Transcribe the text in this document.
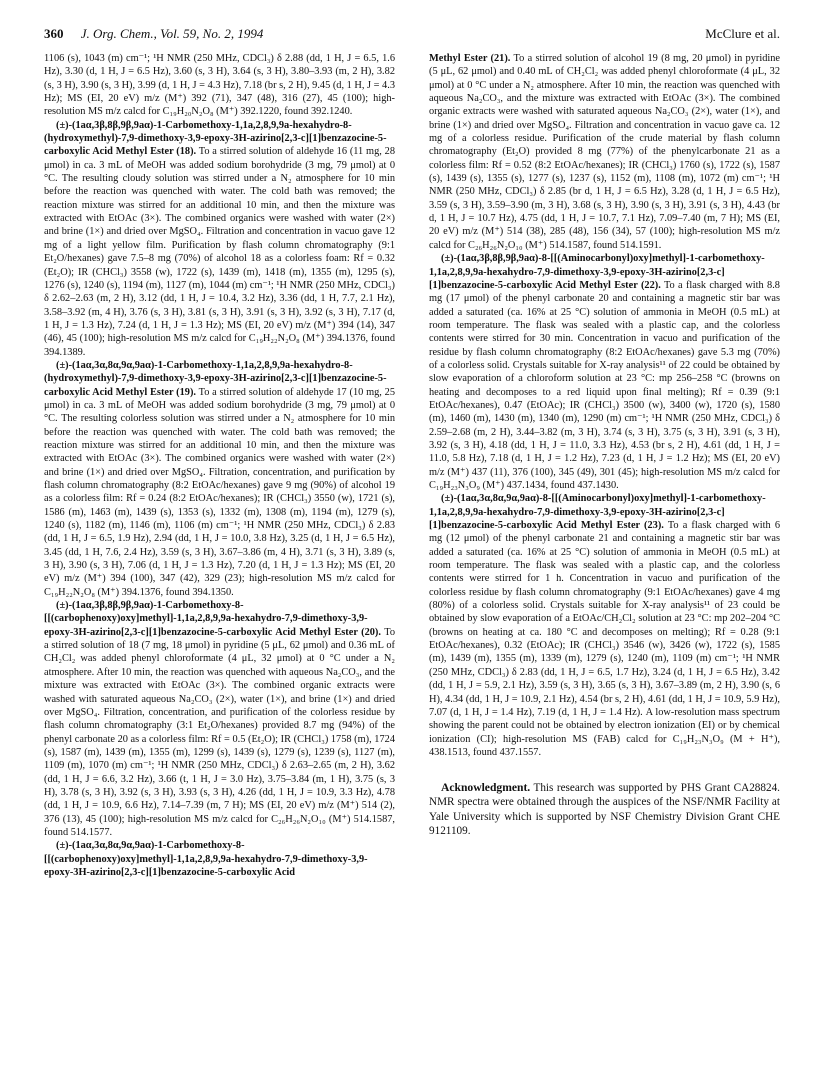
360 J. Org. Chem., Vol. 59, No. 2, 1994	McClure et al.

1106 (s), 1043 (m) cm⁻¹; ¹H NMR (250 MHz, CDCl₃) δ 2.88 (dd, 1 H, J = 6.5, 1.6 Hz), 3.30 (d, 1 H, J = 6.5 Hz), 3.60 (s, 3 H), 3.64 (s, 3 H), 3.80–3.93 (m, 2 H), 3.82 (s, 3 H), 3.90 (s, 3 H), 3.99 (d, 1 H, J = 4.3 Hz), 7.18 (br s, 2 H), 9.45 (d, 1 H, J = 4.3 Hz); MS (EI, 20 eV) m/z (M⁺) 392 (71), 347 (48), 316 (27), 45 (100); high-resolution MS m/z calcd for C₁₉H₂₀N₂O₈ (M⁺) 392.1220, found 392.1240.

(±)-(1aα,3β,8β,9β,9aα)-1-Carbomethoxy-1,1a,2,8,9,9a-hexahydro-8-(hydroxymethyl)-7,9-dimethoxy-3,9-epoxy-3H-azirino[2,3-c][1]benzazocine-5-carboxylic Acid Methyl Ester (18). To a stirred solution of aldehyde 16 (11 mg, 28 μmol) in ca. 3 mL of MeOH was added sodium borohydride (3 mg, 79 μmol) at 0 °C. The resulting cloudy solution was stirred under a N₂ atmosphere for 10 min before the reaction was quenched with water. The cold bath was removed; the reaction mixture was stirred for an additional 10 min, and then the mixture was extracted with EtOAc (3×). The combined organics were washed with water (2×) and brine (1×) and dried over MgSO₄. Filtration and concentration in vacuo gave 12 mg of a light yellow film. Purification by flash column chromatography (9:1 Et₂O/hexanes) gave 7.5–8 mg (70%) of alcohol 18 as a colorless foam: Rf = 0.32 (Et₂O); IR (CHCl₃) 3558 (w), 1722 (s), 1439 (m), 1418 (m), 1355 (m), 1295 (s), 1276 (s), 1240 (s), 1194 (m), 1127 (m), 1044 (m) cm⁻¹; ¹H NMR (250 MHz, CDCl₃) δ 2.62–2.63 (m, 2 H), 3.12 (dd, 1 H, J = 10.4, 3.2 Hz), 3.36 (dd, 1 H, 7.7, 2.1 Hz), 3.58–3.92 (m, 4 H), 3.76 (s, 3 H), 3.81 (s, 3 H), 3.91 (s, 3 H), 3.92 (s, 3 H), 7.17 (d, 1 H, J = 1.3 Hz), 7.24 (d, 1 H, J = 1.3 Hz); MS (EI, 20 eV) m/z (M⁺) 394 (14), 347 (46), 45 (100); high-resolution MS m/z calcd for C₁₉H₂₂N₂O₈ (M⁺) 394.1376, found 394.1389.

(±)-(1aα,3α,8α,9α,9aα)-1-Carbomethoxy-1,1a,2,8,9,9a-hexahydro-8-(hydroxymethyl)-7,9-dimethoxy-3,9-epoxy-3H-azirino[2,3-c][1]benzazocine-5-carboxylic Acid Methyl Ester (19). To a stirred solution of aldehyde 17 (10 mg, 25 μmol) in ca. 3 mL of MeOH was added sodium borohydride (3 mg, 79 μmol) at 0 °C. The resulting colorless solution was stirred under a N₂ atmosphere for 10 min before the reaction was quenched with water. The cold bath was removed; the reaction mixture was stirred for an additional 10 min, and then the mixture was extracted with EtOAc (3×). The combined organics were washed with water (2×) and brine (1×) and dried over MgSO₄. Filtration, concentration, and purification by flash column chromatography (8:2 EtOAc/hexanes) gave 9 mg (90%) of alcohol 19 as a colorless film: Rf = 0.24 (8:2 EtOAc/hexanes); IR (CHCl₃) 3550 (w), 1721 (s), 1586 (m), 1463 (m), 1439 (s), 1353 (s), 1332 (m), 1308 (m), 1194 (m), 1279 (s), 1240 (s), 1182 (m), 1146 (m), 1106 (m) cm⁻¹; ¹H NMR (250 MHz, CDCl₃) δ 2.83 (dd, 1 H, J = 6.5, 1.9 Hz), 2.94 (dd, 1 H, J = 10.0, 3.8 Hz), 3.25 (d, 1 H, J = 6.5 Hz), 3.45 (dd, 1 H, 7.6, 2.4 Hz), 3.59 (s, 3 H), 3.67–3.86 (m, 4 H), 3.71 (s, 3 H), 3.89 (s, 3 H), 3.90 (s, 3 H), 7.06 (d, 1 H, J = 1.3 Hz), 7.20 (d, 1 H, J = 1.3 Hz); MS (EI, 20 eV) m/z (M⁺) 394 (100), 347 (42), 329 (23); high-resolution MS m/z calcd for C₁₉H₂₂N₂O₈ (M⁺) 394.1376, found 394.1350.

(±)-(1aα,3β,8β,9β,9aα)-1-Carbomethoxy-8-[[(carbophenoxy)oxy]methyl]-1,1a,2,8,9,9a-hexahydro-7,9-dimethoxy-3,9-epoxy-3H-azirino[2,3-c][1]benzazocine-5-carboxylic Acid Methyl Ester (20). To a stirred solution of 18 (7 mg, 18 μmol) in pyridine (5 μL, 62 μmol) and 0.36 mL of CH₂Cl₂ was added phenyl chloroformate (4 μL, 32 μmol) at 0 °C under a N₂ atmosphere. After 10 min, the reaction was quenched with aqueous Na₂CO₃, and the mixture was extracted with EtOAc (3×). The combined organic extracts were washed with saturated aqueous Na₂CO₃ (2×), water (1×), and brine (1×) and dried over MgSO₄. Filtration, concentration, and purification of the colorless residue by flash column chromatography (3:1 Et₂O/hexanes) provided 8.7 mg (94%) of the phenyl carbonate 20 as a colorless film: Rf = 0.5 (Et₂O); IR (CHCl₃) 1758 (m), 1724 (s), 1587 (m), 1439 (m), 1355 (m), 1299 (s), 1439 (s), 1279 (s), 1239 (s), 1127 (m), 1109 (m), 1070 (m) cm⁻¹; ¹H NMR (250 MHz, CDCl₃) δ 2.63–2.65 (m, 2 H), 3.62 (dd, 1 H, J = 6.6, 3.2 Hz), 3.66 (t, 1 H, J = 3.0 Hz), 3.75–3.84 (m, 1 H), 3.75 (s, 3 H), 3.78 (s, 3 H), 3.92 (s, 3 H), 3.93 (s, 3 H), 4.26 (dd, 1 H, J = 10.9, 3.3 Hz), 4.78 (dd, 1 H, J = 10.9, 6.6 Hz), 7.14–7.39 (m, 7 H); MS (EI, 20 eV) m/z (M⁺) 514 (2), 376 (13), 45 (100); high-resolution MS m/z calcd for C₂₆H₂₆N₂O₁₀ (M⁺) 514.1587, found 514.1577.

(±)-(1aα,3α,8α,9α,9aα)-1-Carbomethoxy-8-[[(carbophenoxy)oxy]methyl]-1,1a,2,8,9,9a-hexahydro-7,9-dimethoxy-3,9-epoxy-3H-azirino[2,3-c][1]benzazocine-5-carboxylic Acid

Methyl Ester (21). To a stirred solution of alcohol 19 (8 mg, 20 μmol) in pyridine (5 μL, 62 μmol) and 0.40 mL of CH₂Cl₂ was added phenyl chloroformate (4 μL, 32 μmol) at 0 °C under a N₂ atmosphere. After 10 min, the reaction was quenched with aqueous Na₂CO₃, and the mixture was extracted with EtOAc (3×). The combined organic extracts were washed with saturated aqueous Na₂CO₃ (2×), water (1×), and brine (1×) and dried over MgSO₄. Filtration and concentration in vacuo gave ca. 12 mg of a colorless residue. Purification of the crude material by flash column chromatography (Et₂O) provided 8 mg (77%) of the phenylcarbonate 21 as a colorless film: Rf = 0.52 (8:2 EtOAc/hexanes); IR (CHCl₃) 1760 (s), 1722 (s), 1587 (s), 1439 (s), 1355 (s), 1277 (s), 1237 (s), 1152 (m), 1108 (m), 1072 (m) cm⁻¹; ¹H NMR (250 MHz, CDCl₃) δ 2.85 (br d, 1 H, J = 6.5 Hz), 3.28 (d, 1 H, J = 6.5 Hz), 3.59 (s, 3 H), 3.59–3.90 (m, 3 H), 3.68 (s, 3 H), 3.90 (s, 3 H), 3.91 (s, 3 H), 4.43 (br d, 1 H, J = 10.7 Hz), 4.75 (dd, 1 H, J = 10.7, 7.1 Hz), 7.09–7.40 (m, 7 H); MS (EI, 20 eV) m/z (M⁺) 514 (38), 285 (48), 156 (34), 57 (100); high-resolution MS m/z calcd for C₂₆H₂₆N₂O₁₀ (M⁺) 514.1587, found 514.1591.

(±)-(1aα,3β,8β,9β,9aα)-8-[[(Aminocarbonyl)oxy]methyl]-1-carbomethoxy-1,1a,2,8,9,9a-hexahydro-7,9-dimethoxy-3,9-epoxy-3H-azirino[2,3-c][1]benzazocine-5-carboxylic Acid Methyl Ester (22). To a flask charged with 8.8 mg (17 μmol) of the phenyl carbonate 20 and containing a magnetic stir bar was added a saturated (ca. 16% at 25 °C) solution of ammonia in MeOH (0.5 mL) at room temperature. The flask was sealed with a plastic cap, and the colorless contents were stirred for 30 min. Concentration in vacuo and purification of the residue by flash column chromatography (8:2 EtOAc/hexanes) gave 5.3 mg (70%) of a colorless solid. Crystals suitable for X-ray analysis¹¹ of 22 could be obtained by slow evaporation of a chloroform solution at 23 °C: mp 256–258 °C (browns on heating and decomposes to a red liquid upon final melting); Rf = 0.39 (9:1 EtOAc/hexanes), 0.47 (EtOAc); IR (CHCl₃) 3500 (w), 3400 (w), 1720 (s), 1580 (m), 1460 (m), 1430 (m), 1340 (m), 1290 (m) cm⁻¹; ¹H NMR (250 MHz, CDCl₃) δ 2.59–2.68 (m, 2 H), 3.44–3.82 (m, 3 H), 3.74 (s, 3 H), 3.75 (s, 3 H), 3.91 (s, 3 H), 3.92 (s, 3 H), 4.18 (dd, 1 H, J = 11.0, 3.3 Hz), 4.53 (br s, 2 H), 4.61 (dd, 1 H, J = 11.0, 5.8 Hz), 7.18 (d, 1 H, J = 1.2 Hz), 7.23 (d, 1 H, J = 1.2 Hz); MS (EI, 20 eV) m/z (M⁺) 437 (11), 376 (100), 345 (49), 301 (45); high-resolution MS m/z calcd for C₁₉H₂₃N₃O₉ (M⁺) 437.1434, found 437.1430.

(±)-(1aα,3α,8α,9α,9aα)-8-[[(Aminocarbonyl)oxy]methyl]-1-carbomethoxy-1,1a,2,8,9,9a-hexahydro-7,9-dimethoxy-3,9-epoxy-3H-azirino[2,3-c][1]benzazocine-5-carboxylic Acid Methyl Ester (23). To a flask charged with 6 mg (12 μmol) of the phenyl carbonate 21 and containing a magnetic stir bar was added a saturated (ca. 16% at 25 °C) solution of ammonia in MeOH (0.5 mL) at room temperature. The flask was sealed with a plastic cap, and the colorless contents were stirred for 1 h. Concentration in vacuo and purification of the colorless residue by flash column chromatography (9:1 EtOAc/hexanes) gave 4 mg (80%) of a colorless solid. Crystals suitable for X-ray analysis¹¹ of 23 could be obtained by slow evaporation of a EtOAc/CH₂Cl₂ solution at 23 °C: mp 202–204 °C (browns on heating at ca. 180 °C and decomposes on melting); Rf = 0.28 (9:1 EtOAc/hexanes), 0.32 (EtOAc); IR (CHCl₃) 3546 (w), 3426 (w), 1722 (s), 1585 (m), 1439 (m), 1355 (m), 1339 (m), 1279 (s), 1240 (m), 1109 (m) cm⁻¹; ¹H NMR (250 MHz, CDCl₃) δ 2.83 (dd, 1 H, J = 6.5, 1.7 Hz), 3.24 (d, 1 H, J = 6.5 Hz), 3.42 (dd, 1 H, J = 5.9, 2.1 Hz), 3.59 (s, 3 H), 3.65 (s, 3 H), 3.67–3.89 (m, 2 H), 3.90 (s, 6 H), 4.34 (dd, 1 H, J = 10.9, 2.1 Hz), 4.54 (br s, 2 H), 4.61 (dd, 1 H, J = 10.9, 5.9 Hz), 7.07 (d, 1 H, J = 1.4 Hz), 7.19 (d, 1 H, J = 1.4 Hz). A low-resolution mass spectrum showing the parent could not be obtained by electron ionization (EI) or by chemical ionization (CI); high-resolution MS (FAB) calcd for C₁₉H₂₃N₃O₉ (M + H⁺), 438.1513, found 437.1557.

Acknowledgment. This research was supported by PHS Grant CA28824. NMR spectra were obtained through the auspices of the NSF/NMR Facility at Yale University which is supported by NSF Chemistry Division Grant CHE 9121109.
